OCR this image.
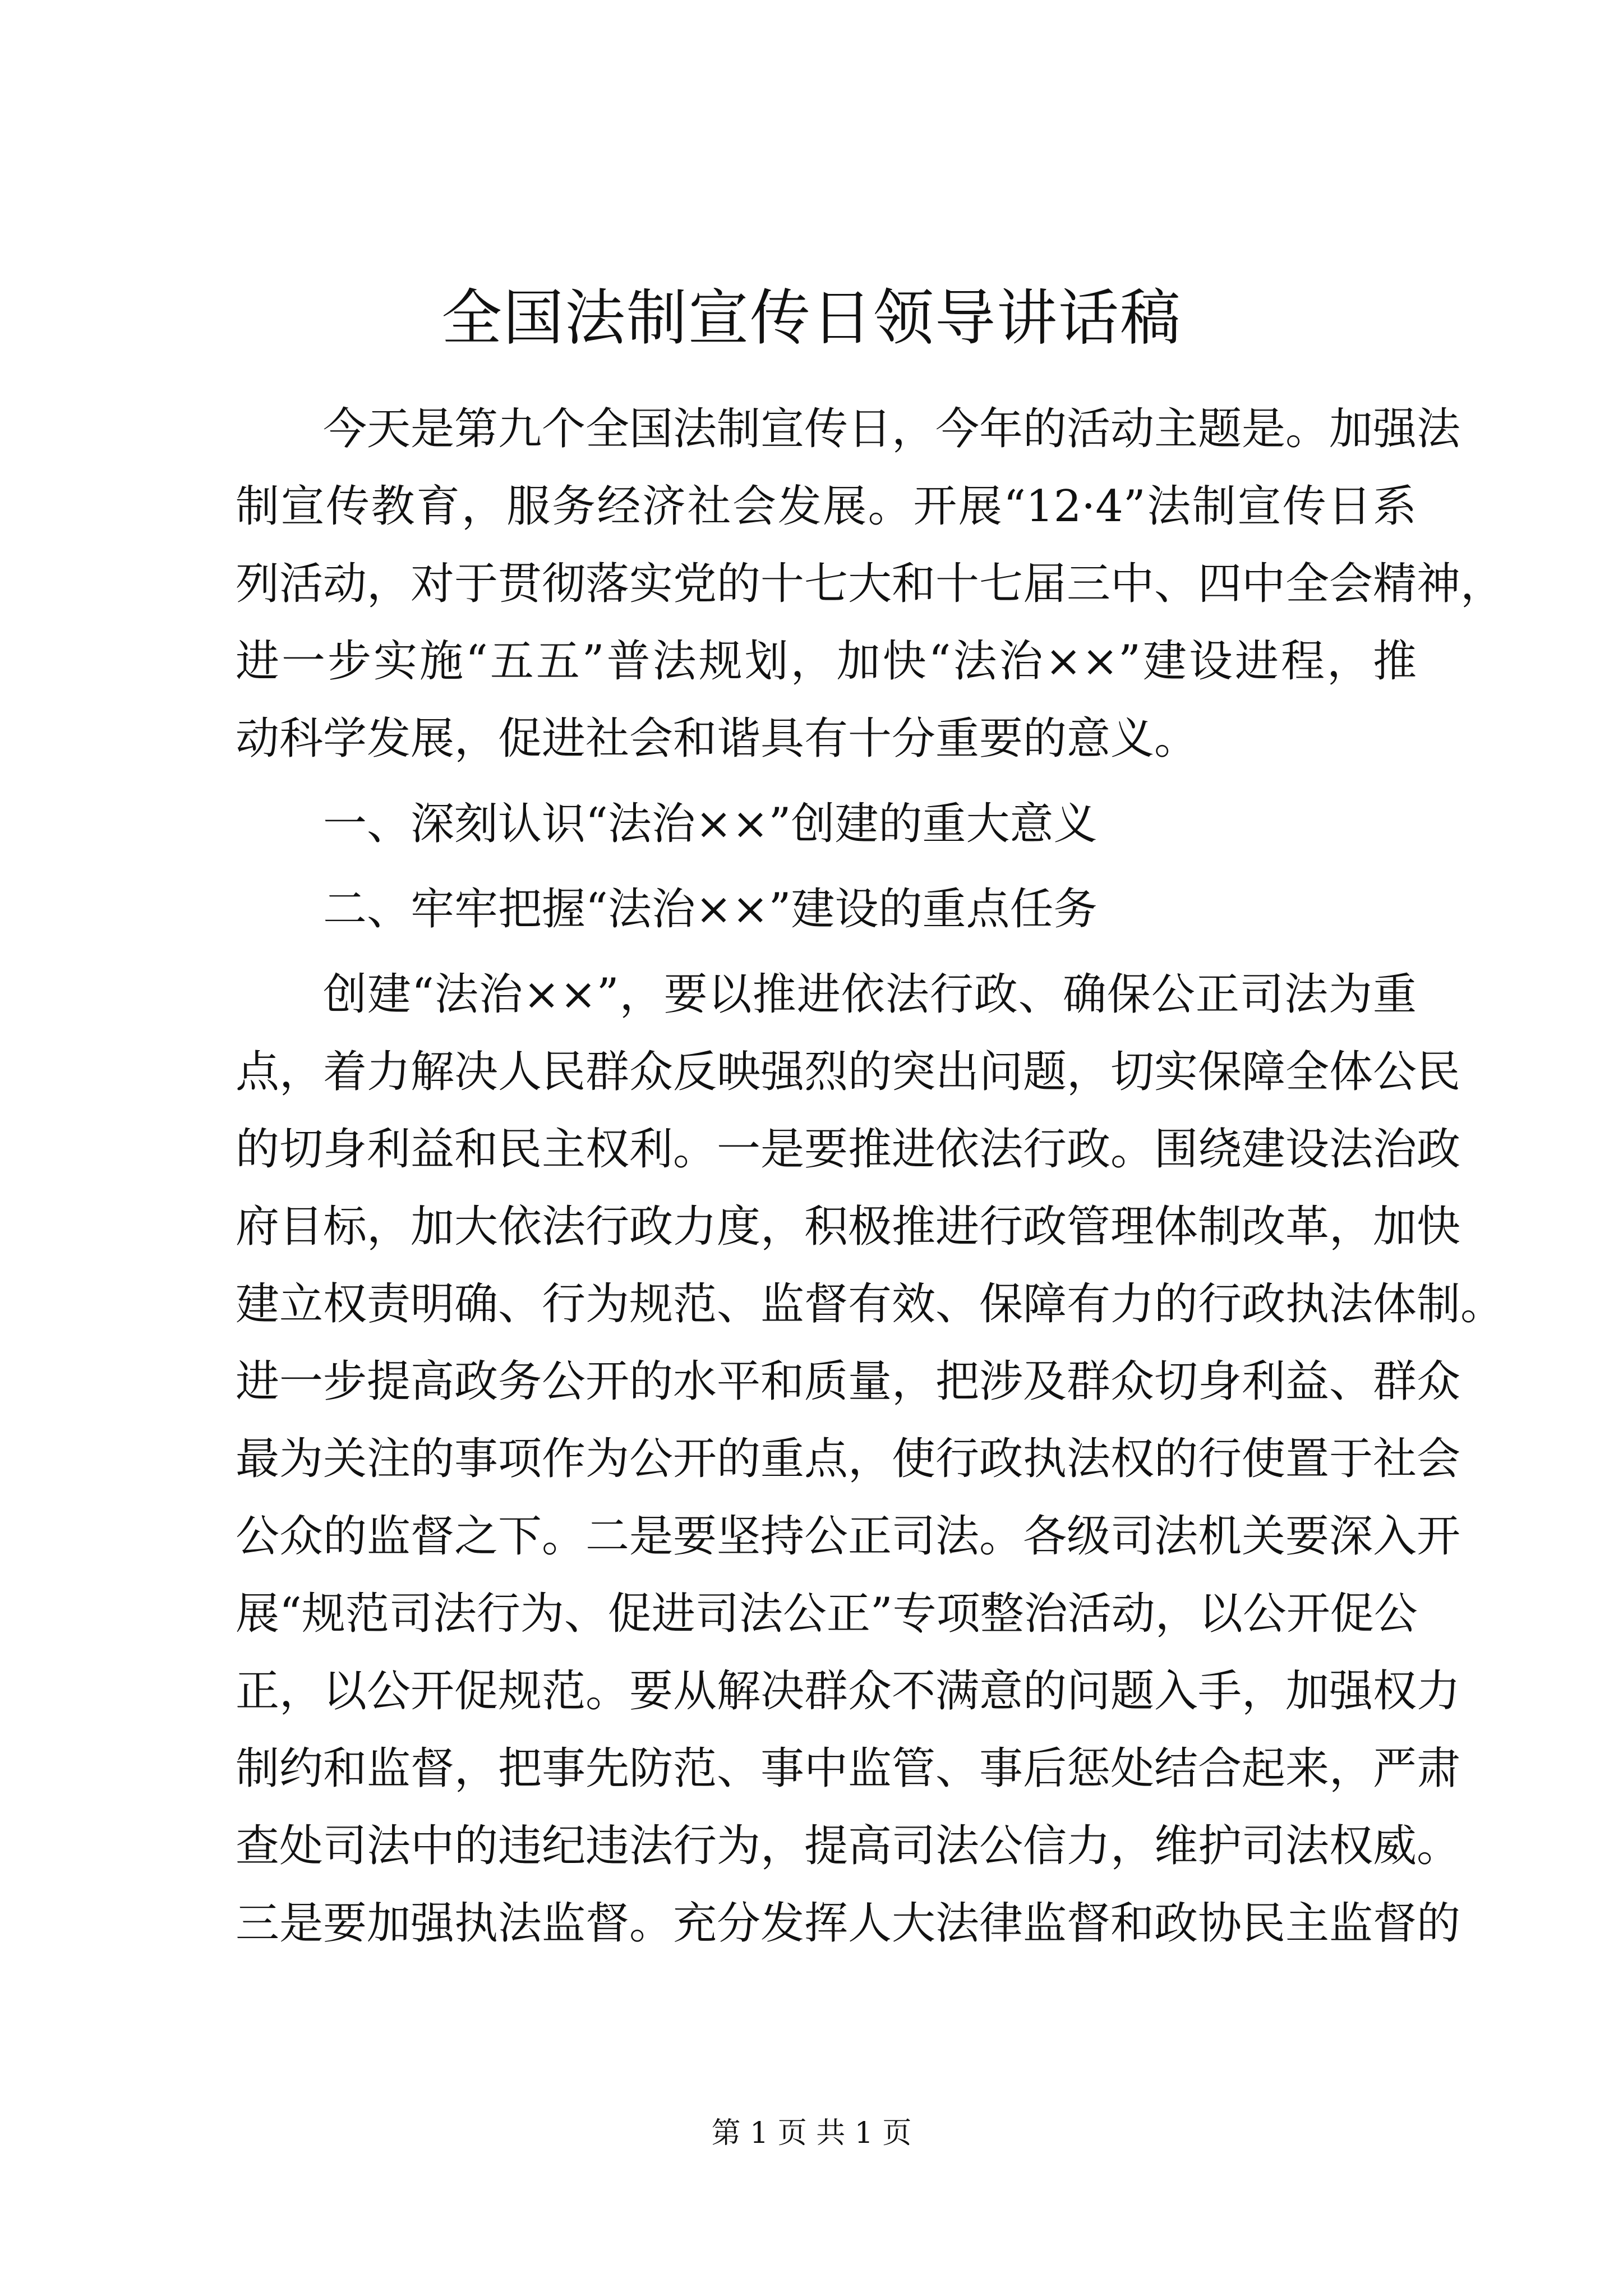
全国法制宣传日领导讲话稿
今天是第九个全国法制宣传日，今年的活动主题是。加强法
制宣传教育，服务经济社会发展。开展“12·4”法制宣传日系
列活动，对于贯彻落实党的十七大和十七届三中、四中全会精神，
进一步实施“五五”普法规划，加快“法治××”建设进程，推
动科学发展，促进社会和谐具有十分重要的意义。
一、深刻认识“法治××”创建的重大意义
二、牢牢把握“法治××”建设的重点任务
创建“法治××”，要以推进依法行政、确保公正司法为重
点，着力解决人民群众反映强烈的突出问题，切实保障全体公民
的切身利益和民主权利。一是要推进依法行政。围绕建设法治政
府目标，加大依法行政力度，积极推进行政管理体制改革，加快
建立权责明确、行为规范、监督有效、保障有力的行政执法体制。
进一步提高政务公开的水平和质量，把涉及群众切身利益、群众
最为关注的事项作为公开的重点，使行政执法权的行使置于社会
公众的监督之下。二是要坚持公正司法。各级司法机关要深入开
展“规范司法行为、促进司法公正”专项整治活动，以公开促公
正，以公开促规范。要从解决群众不满意的问题入手，加强权力
制约和监督，把事先防范、事中监管、事后惩处结合起来，严肃
查处司法中的违纪违法行为，提高司法公信力，维护司法权威。
三是要加强执法监督。充分发挥人大法律监督和政协民主监督的
第 1 页 共 1 页
